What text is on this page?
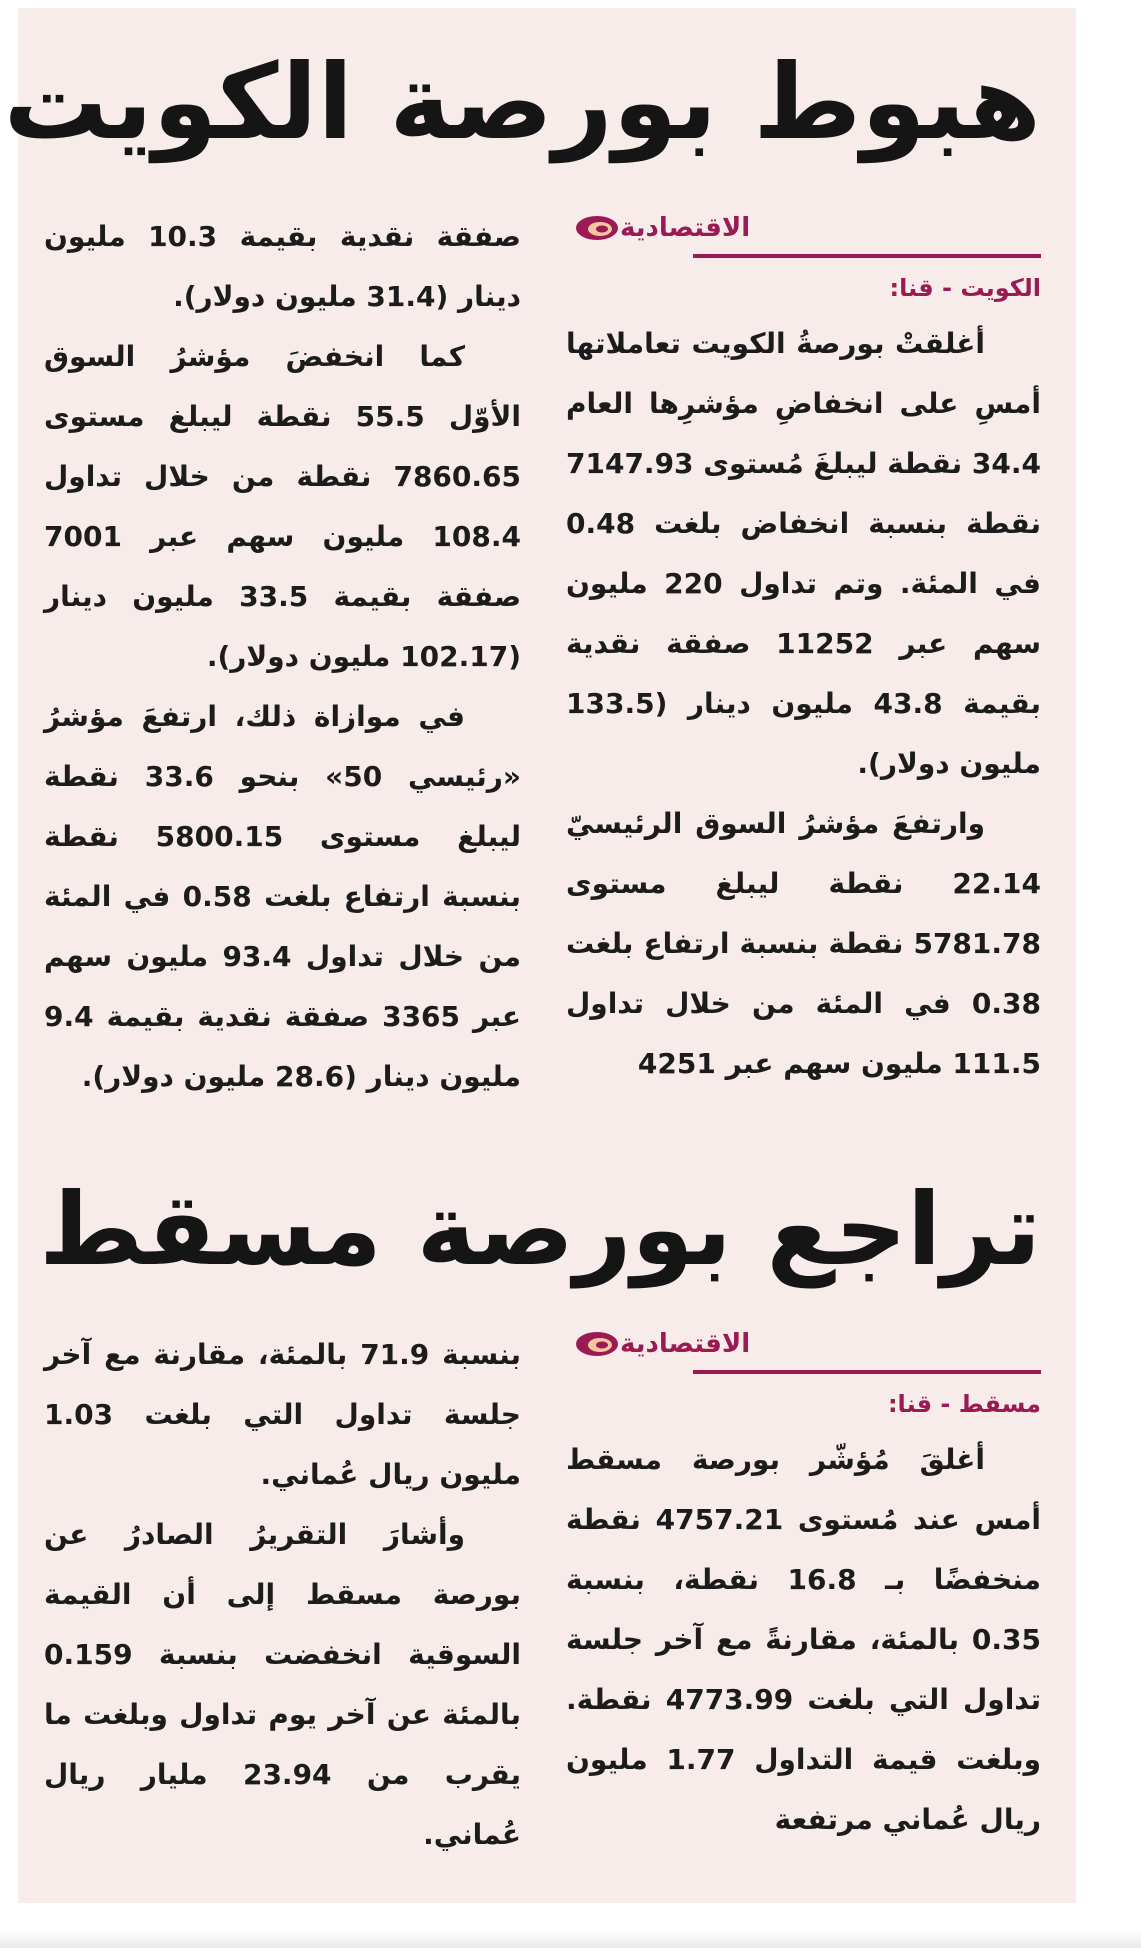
هبوط بورصة الكويت
الاقتصادية
الكويت - قنا:

أغلقتْ بورصةُ الكويت تعاملاتها أمسِ على انخفاضِ مؤشرِها العام 34.4 نقطة ليبلغَ مُستوى 7147.93 نقطة بنسبة انخفاض بلغت 0.48 في المئة. وتم تداول 220 مليون سهم عبر 11252 صفقة نقدية بقيمة 43.8 مليون دينار (133.5 مليون دولار).

وارتفعَ مؤشرُ السوق الرئيسيّ 22.14 نقطة ليبلغ مستوى 5781.78 نقطة بنسبة ارتفاع بلغت 0.38 في المئة من خلال تداول 111.5 مليون سهم عبر 4251

صفقة نقدية بقيمة 10.3 مليون دينار (31.4 مليون دولار).

كما انخفضَ مؤشرُ السوق الأوّل 55.5 نقطة ليبلغ مستوى 7860.65 نقطة من خلال تداول 108.4 مليون سهم عبر 7001 صفقة بقيمة 33.5 مليون دينار (102.17 مليون دولار).

في موازاة ذلك، ارتفعَ مؤشرُ «رئيسي 50» بنحو 33.6 نقطة ليبلغ مستوى 5800.15 نقطة بنسبة ارتفاع بلغت 0.58 في المئة من خلال تداول 93.4 مليون سهم عبر 3365 صفقة نقدية بقيمة 9.4 مليون دينار (28.6 مليون دولار).

تراجع بورصة مسقط
الاقتصادية
مسقط - قنا:

أغلقَ مُؤشّر بورصة مسقط أمس عند مُستوى 4757.21 نقطة منخفضًا بـ 16.8 نقطة، بنسبة 0.35 بالمئة، مقارنةً مع آخر جلسة تداول التي بلغت 4773.99 نقطة. وبلغت قيمة التداول 1.77 مليون ريال عُماني مرتفعة

بنسبة 71.9 بالمئة، مقارنة مع آخر جلسة تداول التي بلغت 1.03 مليون ريال عُماني.

وأشارَ التقريرُ الصادرُ عن بورصة مسقط إلى أن القيمة السوقية انخفضت بنسبة 0.159 بالمئة عن آخر يوم تداول وبلغت ما يقرب من 23.94 مليار ريال عُماني.
